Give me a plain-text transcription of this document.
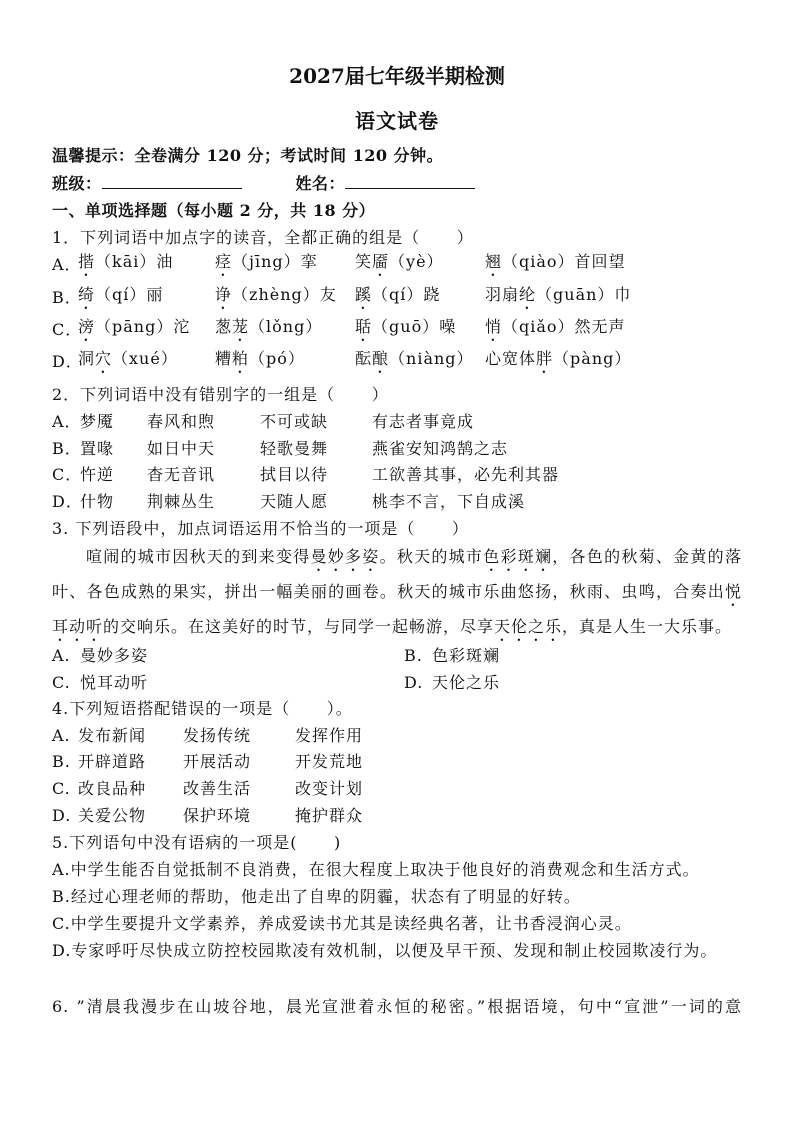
2027届七年级半期检测
语文试卷
温馨提示：全卷满分 120 分；考试时间 120 分钟。
班级：	姓名：
一、单项选择题（每小题 2 分，共 18 分）
1．下列词语中加点字的读音，全都正确的组是（      ）
A．
揩（kāi）油	痉（jīng）挛	笑靥（yè）	翘（qiào）首回望
B．
绮（qí）丽	诤（zhèng）友	蹊（qí）跷	羽扇纶（guān）巾
C．
滂（pāng）沱	葱茏（lǒng）	聒（guō）噪	悄（qiǎo）然无声
D．
洞穴（xué）	糟粕（pó）	酝酿（niàng） 心宽体胖（pàng）
2．下列词语中没有错别字的一组是（      ）
A．
梦魇	春风和煦	不可或缺	有志者事竟成
B．
置喙	如日中天	轻歌曼舞	燕雀安知鸿鹄之志
C．
忤逆	杳无音讯	拭目以待	工欲善其事，必先利其器
D．
什物	荆棘丛生	天随人愿	桃李不言，下自成溪
3. 下列语段中，加点词语运用不恰当的一项是（      ）
喧闹的城市因秋天的到来变得曼妙多姿。秋天的城市色彩斑斓，各色的秋菊、金黄的落叶、各色成熟的果实，拼出一幅美丽的画卷。秋天的城市乐曲悠扬，秋雨、虫鸣，合奏出悦耳动听的交响乐。在这美好的时节，与同学一起畅游，尽享天伦之乐，真是人生一大乐事。
A. 曼妙多姿	B. 色彩斑斓
C. 悦耳动听	D. 天伦之乐
4.下列短语搭配错误的一项是（      ）。
A. 发布新闻	发扬传统	发挥作用
B. 开辟道路	开展活动	开发荒地
C. 改良品种	改善生活	改变计划
D. 关爱公物	保护环境	掩护群众
5.下列语句中没有语病的一项是(      )
A.中学生能否自觉抵制不良消费，在很大程度上取决于他良好的消费观念和生活方式。
B.经过心理老师的帮助，他走出了自卑的阴霾，状态有了明显的好转。
C.中学生要提升文学素养，养成爱读书尤其是读经典名著，让书香浸润心灵。
D.专家呼吁尽快成立防控校园欺凌有效机制，以便及早干预、发现和制止校园欺凌行为。
6. ”清晨我漫步在山坡谷地，晨光宣泄着永恒的秘密。”根据语境，句中“宣泄”一词的意
